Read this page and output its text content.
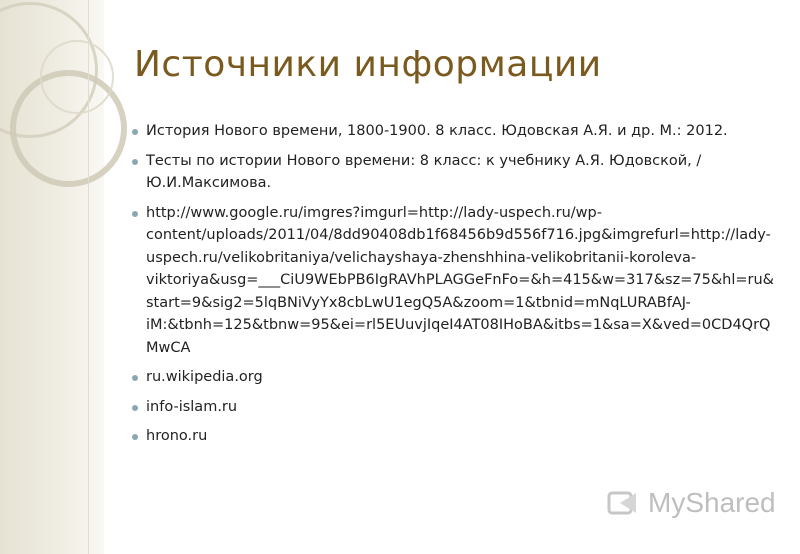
Источники информации
История Нового времени, 1800-1900. 8 класс. Юдовская А.Я. и др. М.: 2012.
Тесты по истории Нового времени: 8 класс: к учебнику А.Я. Юдовской, / Ю.И.Максимова.
http://www.google.ru/imgres?imgurl=http://lady-uspech.ru/wp-content/uploads/2011/04/8dd90408db1f68456b9d556f716.jpg&imgrefurl=http://lady-uspech.ru/velikobritaniya/velichayshaya-zhenshhina-velikobritanii-koroleva-viktoriya&usg=___CiU9WEbPB6IgRAVhPLAGGeFnFo=&h=415&w=317&sz=75&hl=ru&start=9&sig2=5lqBNiVyYx8cbLwU1egQ5A&zoom=1&tbnid=mNqLURABfAJ-iM:&tbnh=125&tbnw=95&ei=rl5EUuvjIqeI4AT08IHoBA&itbs=1&sa=X&ved=0CD4QrQMwCA
ru.wikipedia.org
info-islam.ru
hrono.ru
MyShared
